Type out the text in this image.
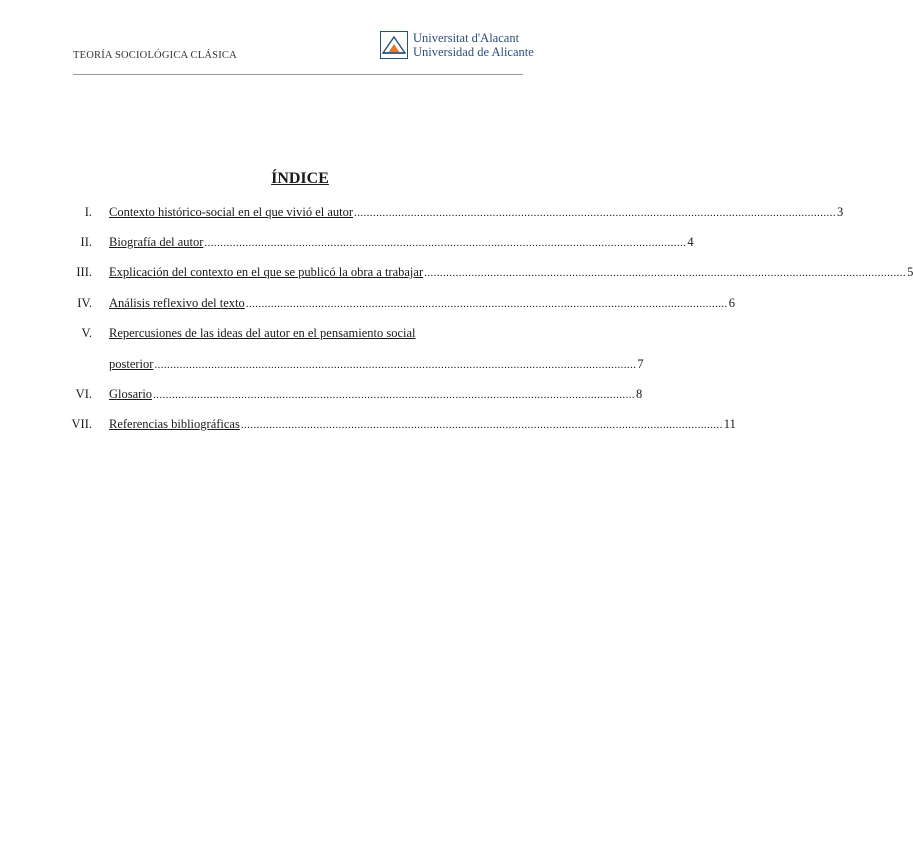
TEORÍA SOCIOLÓGICA CLÁSICA
Universitat d'Alacant
Universidad de Alicante
ÍNDICE
I. Contexto histórico-social en el que vivió el autor ......................................................................................................................................................... 3
II. Biografía del autor ......................................................................................................................................................... 4
III. Explicación del contexto en el que se publicó la obra a trabajar ......................................................................................................................................................... 5
IV. Análisis reflexivo del texto ......................................................................................................................................................... 6
V. Repercusiones de las ideas del autor en el pensamiento social
posterior ......................................................................................................................................................... 7
VI. Glosario ......................................................................................................................................................... 8
VII. Referencias bibliográficas ......................................................................................................................................................... 11
